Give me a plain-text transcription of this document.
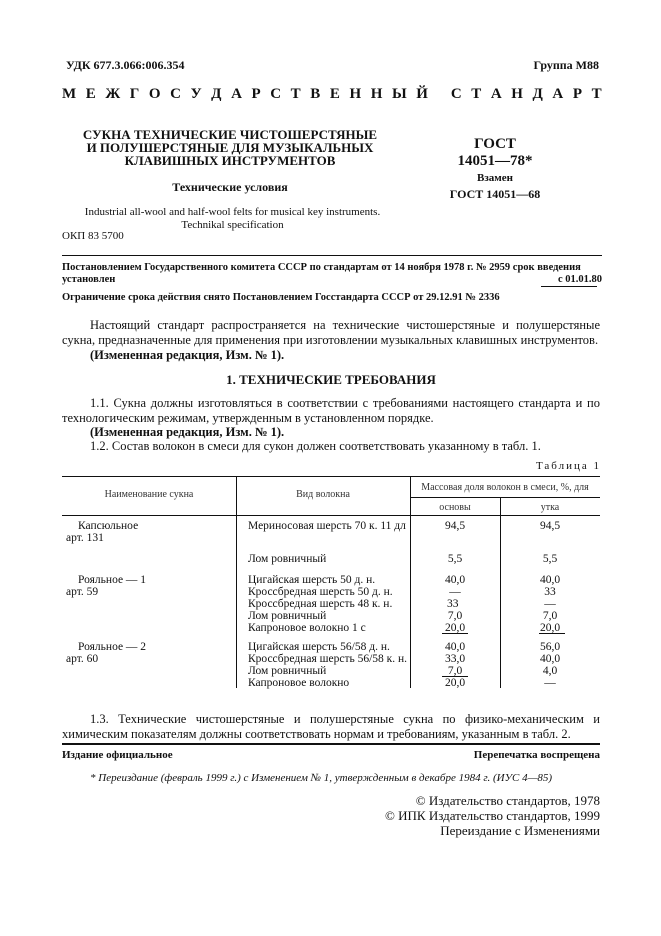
УДК 677.3.066:006.354	Группа М88
М Е Ж Г О С У Д А Р С Т В Е Н Н Ы Й
С Т А Н Д А Р Т
СУКНА ТЕХНИЧЕСКИЕ ЧИСТОШЕРСТЯНЫЕ
И ПОЛУШЕРСТЯНЫЕ ДЛЯ МУЗЫКАЛЬНЫХ
КЛАВИШНЫХ ИНСТРУМЕНТОВ
Технические условия
Industrial all-wool and half-wool felts for musical key instruments.
Technikal specification
ОКП 83 5700
ГОСТ
14051—78*
Взамен
ГОСТ 14051—68
Постановлением Государственного комитета СССР по стандартам от 14 ноября 1978 г. № 2959 срок введения
установлен	с 01.01.80
Ограничение срока действия снято Постановлением Госстандарта СССР от 29.12.91 № 2336
Настоящий стандарт распространяется на технические чистошерстяные и полушерстяные сукна, предназначенные для применения при изготовлении музыкальных клавишных инструментов.
(Измененная редакция, Изм. № 1).
1. ТЕХНИЧЕСКИЕ ТРЕБОВАНИЯ
1.1. Сукна должны изготовляться в соответствии с требованиями настоящего стандарта и по технологическим режимам, утвержденным в установленном порядке.
(Измененная редакция, Изм. № 1).
1.2. Состав волокон в смеси для сукон должен соответствовать указанному в табл. 1.
Таблица 1
Наименование сукна	Вид волокна
Массовая доля волокон в смеси, %, для
основы	утка
Капсюльное
арт. 131
Мериносовая шерсть 70 к. 11 дл	94,5	94,5
Лом ровничный	5,5	5,5
Рояльное — 1
арт. 59
Цигайская шерсть 50 д. н.	40,0	40,0
Кроссбредная шерсть 50 д. н.	—	33
Кроссбредная шерсть 48 к. н.	33	—
Лом ровничный	7,0	7,0
Капроновое волокно 1 с	20,0	20,0
Рояльное — 2
арт. 60
Цигайская шерсть 56/58 д. н.	40,0	56,0
Кроссбредная шерсть 56/58 к. н.	33,0	40,0
Лом ровничный	7,0	4,0
Капроновое волокно	20,0	—
1.3. Технические чистошерстяные и полушерстяные сукна по физико-механическим и химическим показателям должны соответствовать нормам и требованиям, указанным в табл. 2.
Издание официальное	Перепечатка воспрещена
* Переиздание (февраль 1999 г.) с Изменением № 1, утвержденным в декабре 1984 г. (ИУС 4—85)
© Издательство стандартов, 1978
© ИПК Издательство стандартов, 1999
Переиздание с Изменениями
